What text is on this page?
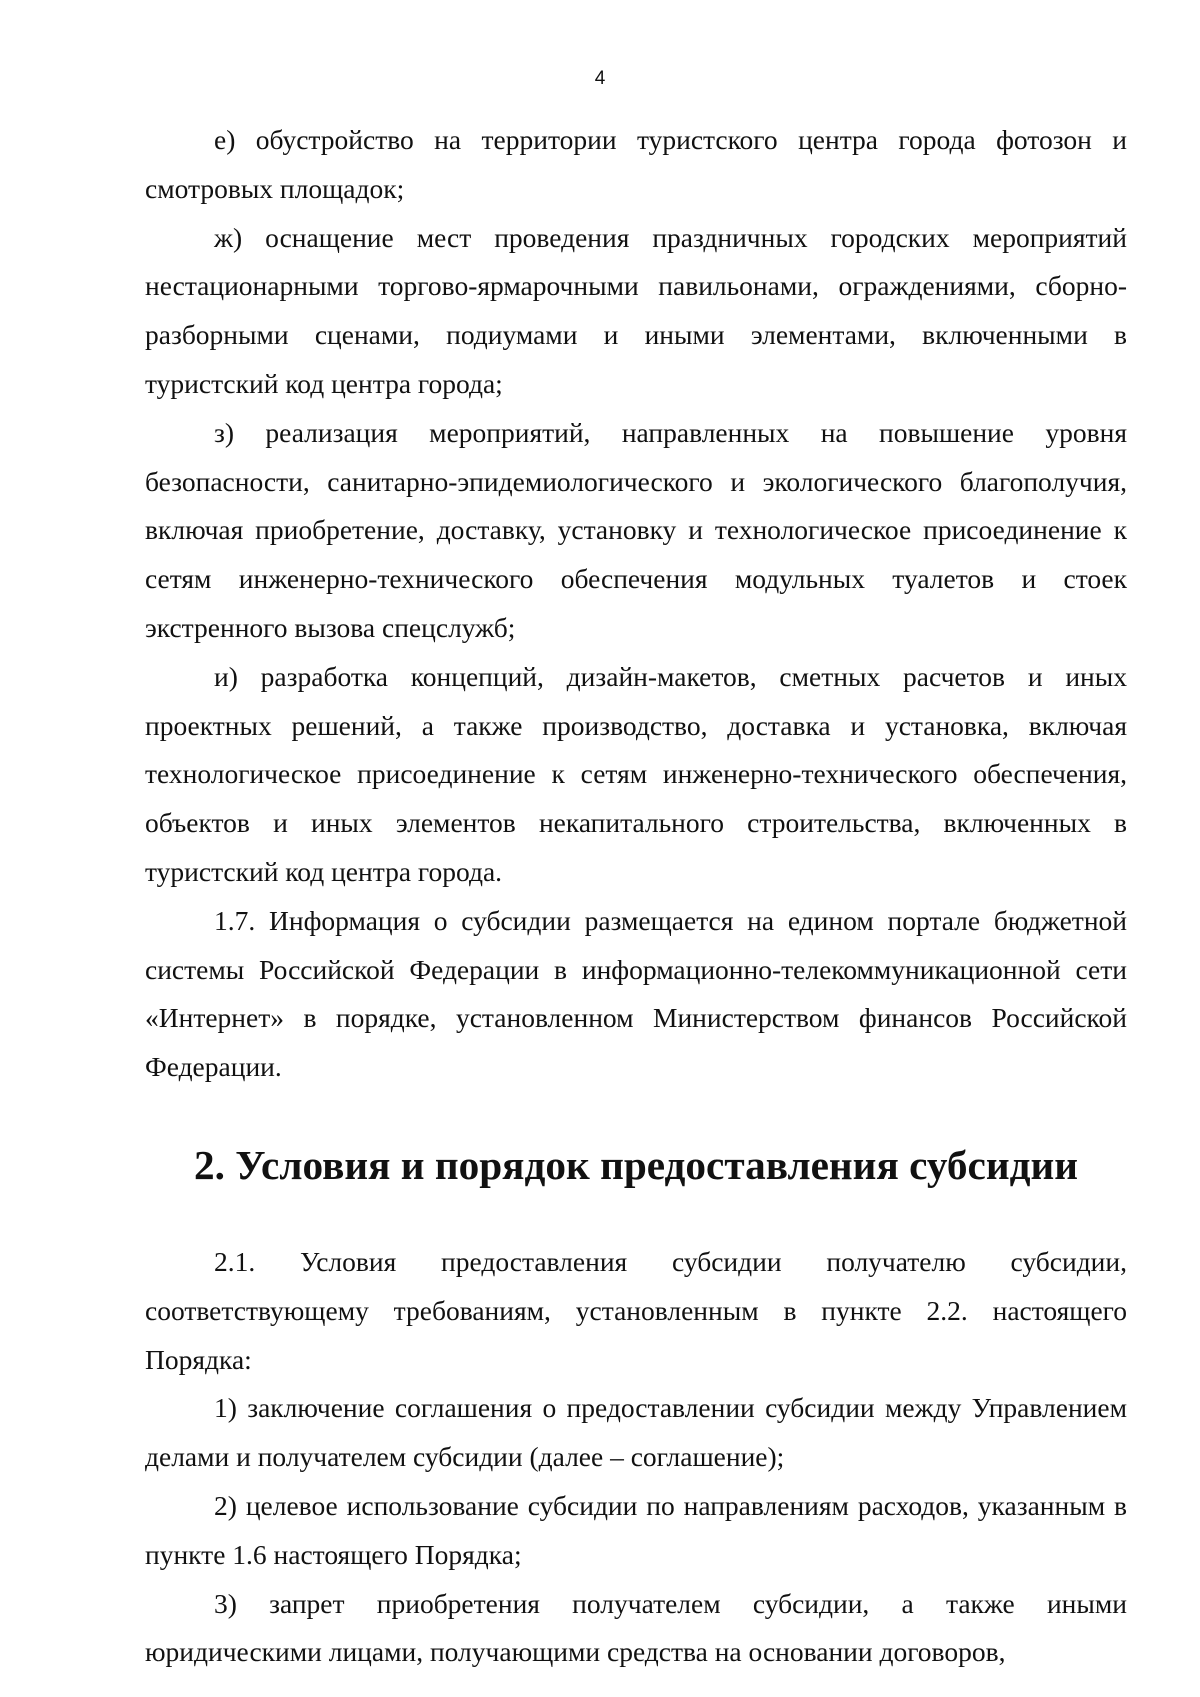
4

е) обустройство на территории туристского центра города фотозон и смотровых площадок;

ж) оснащение мест проведения праздничных городских мероприятий нестационарными торгово-ярмарочными павильонами, ограждениями, сборно-разборными сценами, подиумами и иными элементами, включенными в туристский код центра города;

з) реализация мероприятий, направленных на повышение уровня безопасности, санитарно-эпидемиологического и экологического благополучия, включая приобретение, доставку, установку и технологическое присоединение к сетям инженерно-технического обеспечения модульных туалетов и стоек экстренного вызова спецслужб;

и) разработка концепций, дизайн-макетов, сметных расчетов и иных проектных решений, а также производство, доставка и установка, включая технологическое присоединение к сетям инженерно-технического обеспечения, объектов и иных элементов некапитального строительства, включенных в туристский код центра города.

1.7. Информация о субсидии размещается на едином портале бюджетной системы Российской Федерации в информационно-телекоммуникационной сети «Интернет» в порядке, установленном Министерством финансов Российской Федерации.

2. Условия и порядок предоставления субсидии

2.1. Условия предоставления субсидии получателю субсидии, соответствующему требованиям, установленным в пункте 2.2. настоящего Порядка:

1) заключение соглашения о предоставлении субсидии между Управлением делами и получателем субсидии (далее – соглашение);

2) целевое использование субсидии по направлениям расходов, указанным в пункте 1.6 настоящего Порядка;

3) запрет приобретения получателем субсидии, а также иными юридическими лицами, получающими средства на основании договоров,
